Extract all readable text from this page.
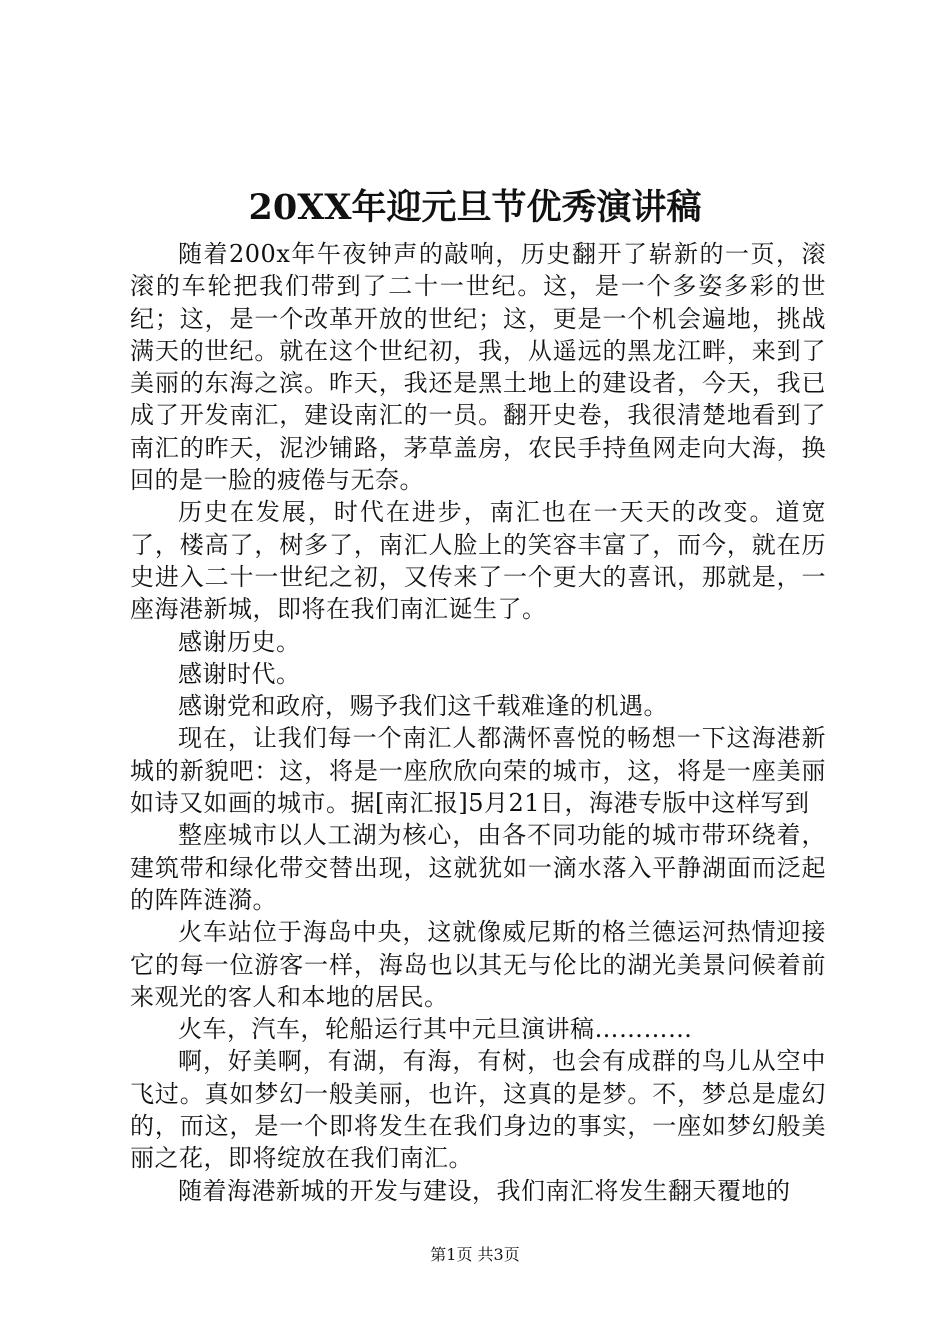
20XX年迎元旦节优秀演讲稿

随着200x年午夜钟声的敲响，历史翻开了崭新的一页，滚滚的车轮把我们带到了二十一世纪。这，是一个多姿多彩的世纪；这，是一个改革开放的世纪；这，更是一个机会遍地，挑战满天的世纪。就在这个世纪初，我，从遥远的黑龙江畔，来到了美丽的东海之滨。昨天，我还是黑土地上的建设者，今天，我已成了开发南汇，建设南汇的一员。翻开史卷，我很清楚地看到了南汇的昨天，泥沙铺路，茅草盖房，农民手持鱼网走向大海，换回的是一脸的疲倦与无奈。

历史在发展，时代在进步，南汇也在一天天的改变。道宽了，楼高了，树多了，南汇人脸上的笑容丰富了，而今，就在历史进入二十一世纪之初，又传来了一个更大的喜讯，那就是，一座海港新城，即将在我们南汇诞生了。

感谢历史。

感谢时代。

感谢党和政府，赐予我们这千载难逢的机遇。

现在，让我们每一个南汇人都满怀喜悦的畅想一下这海港新城的新貌吧：这，将是一座欣欣向荣的城市，这，将是一座美丽如诗又如画的城市。据[南汇报]5月21日，海港专版中这样写到

整座城市以人工湖为核心，由各不同功能的城市带环绕着，建筑带和绿化带交替出现，这就犹如一滴水落入平静湖面而泛起的阵阵涟漪。

火车站位于海岛中央，这就像威尼斯的格兰德运河热情迎接它的每一位游客一样，海岛也以其无与伦比的湖光美景问候着前来观光的客人和本地的居民。

火车，汽车，轮船运行其中元旦演讲稿…………

啊，好美啊，有湖，有海，有树，也会有成群的鸟儿从空中飞过。真如梦幻一般美丽，也许，这真的是梦。不，梦总是虚幻的，而这，是一个即将发生在我们身边的事实，一座如梦幻般美丽之花，即将绽放在我们南汇。

随着海港新城的开发与建设，我们南汇将发生翻天覆地的

第1页 共3页
